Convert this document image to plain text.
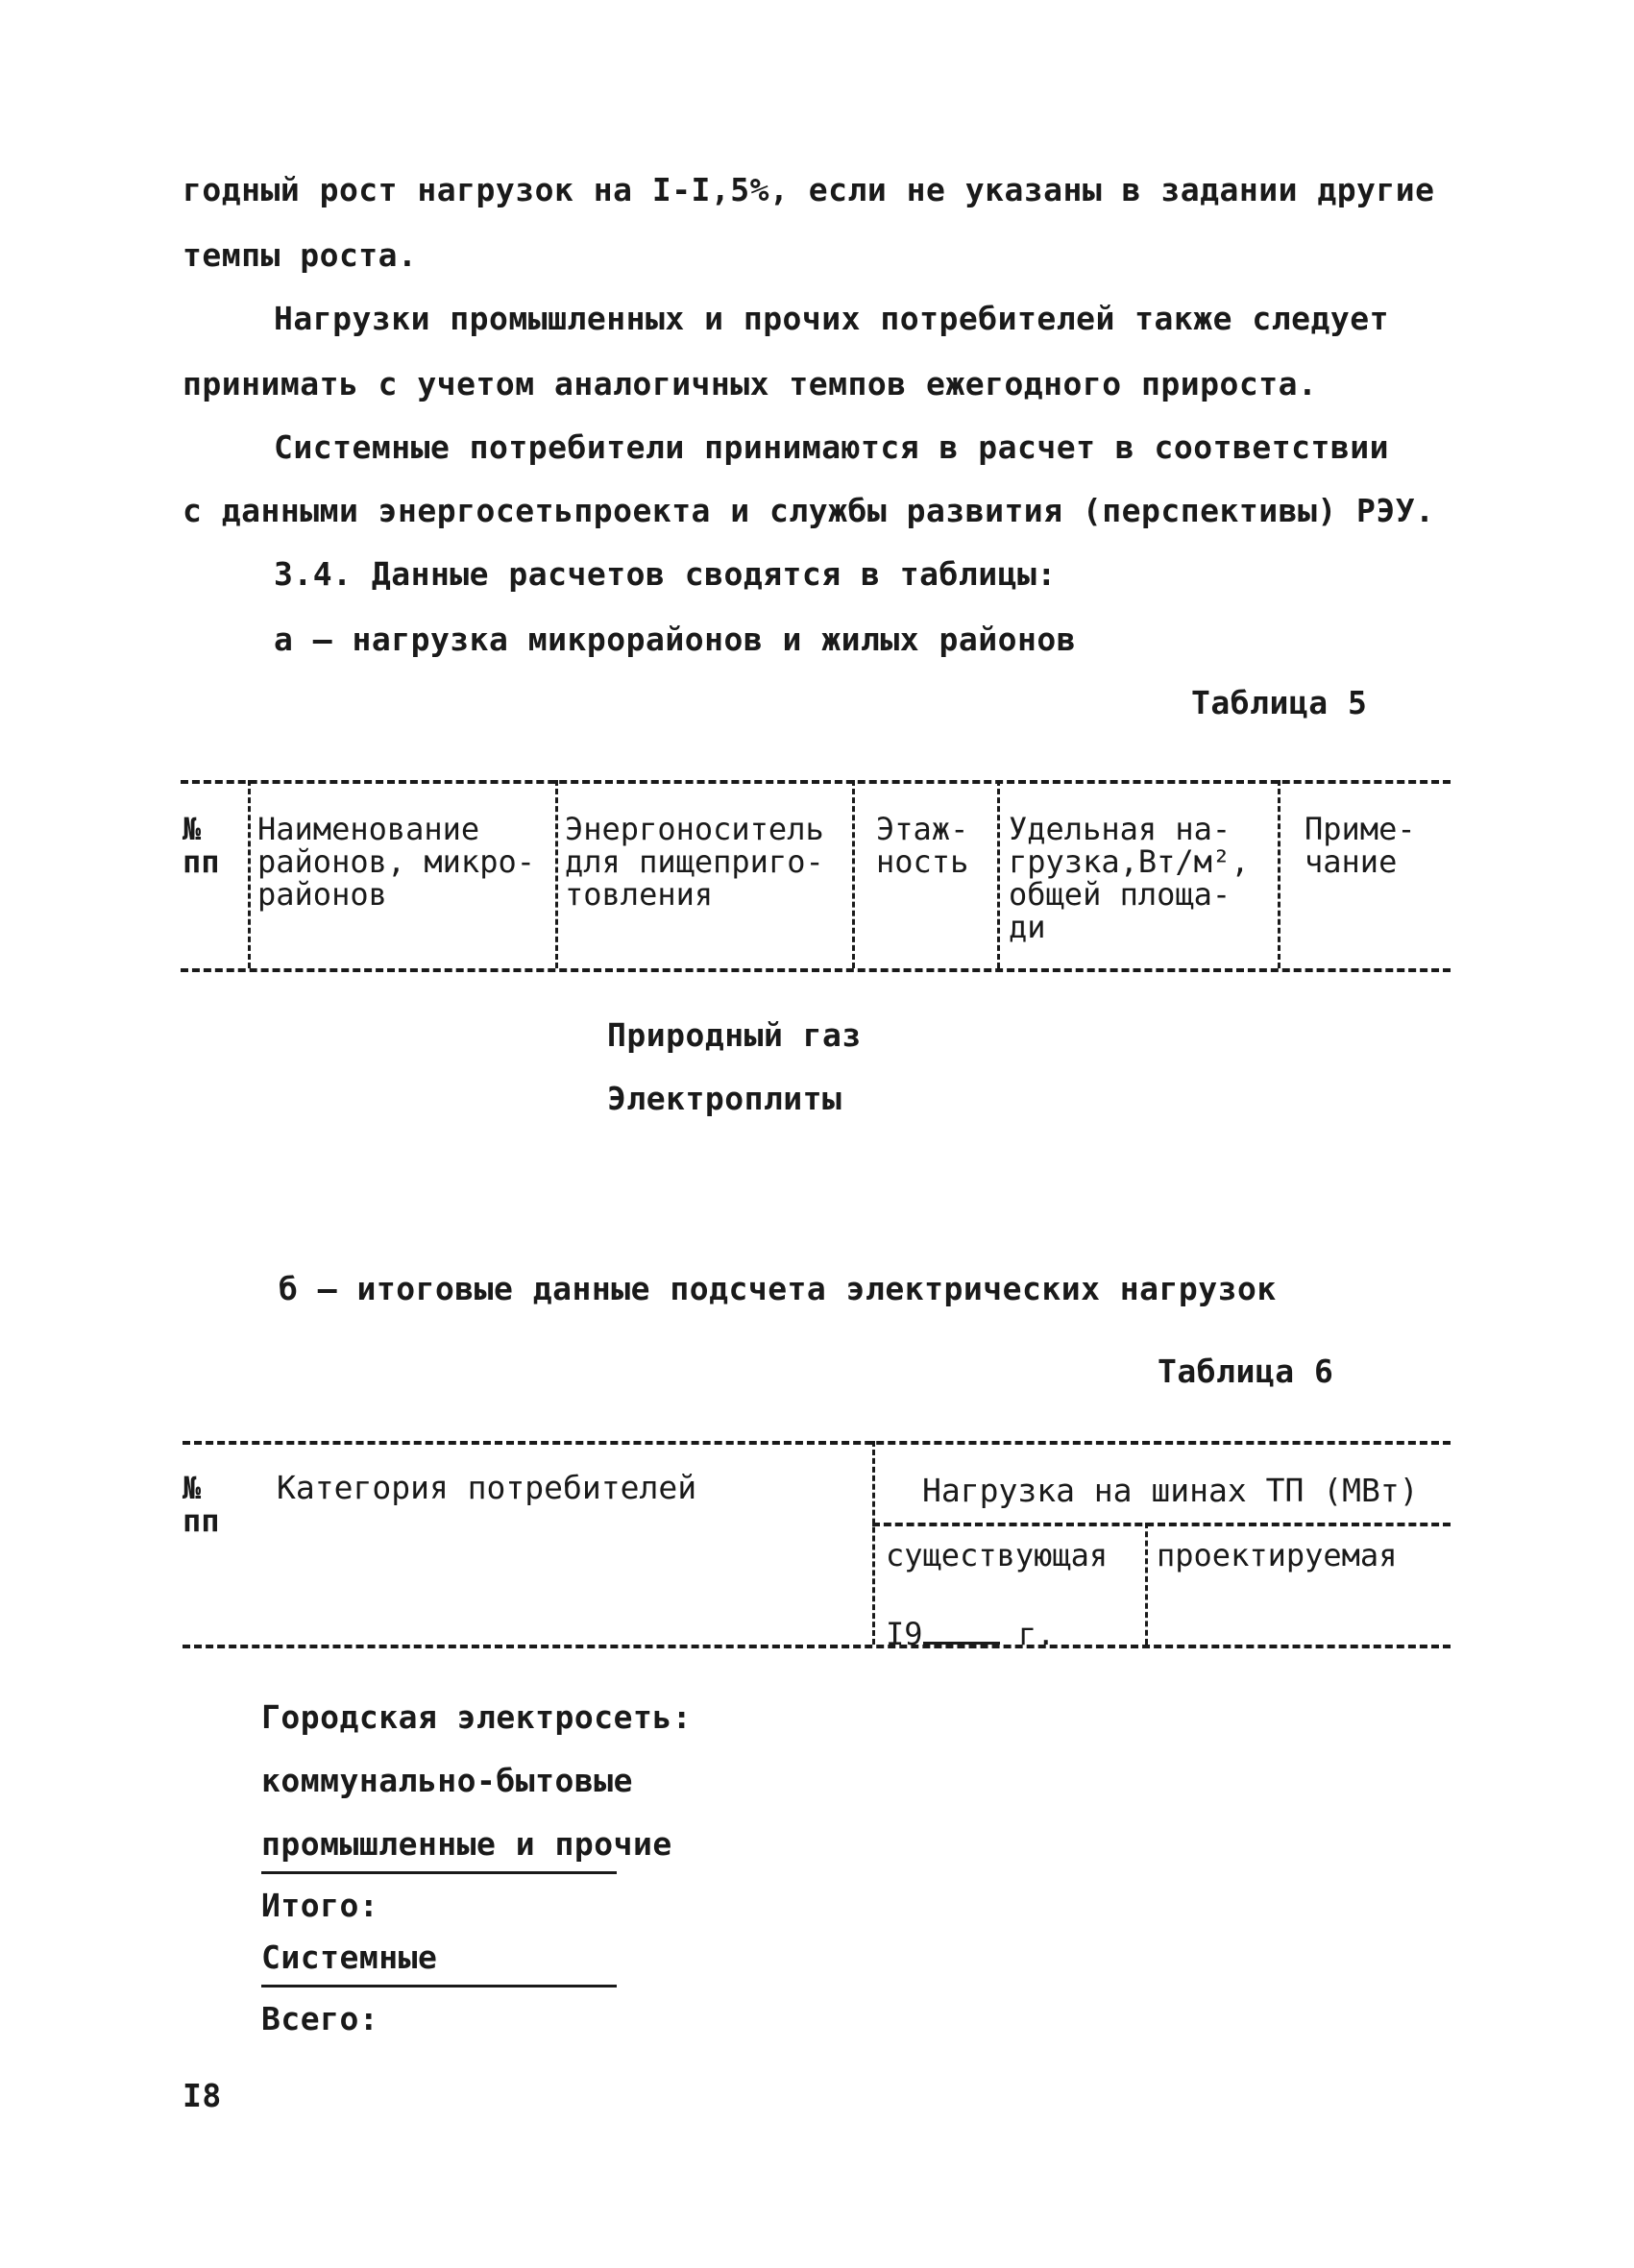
годный рост нагрузок на I-I,5%, если не указаны в задании другие
темпы роста.
Нагрузки промышленных и прочих потребителей также следует
принимать с учетом аналогичных темпов ежегодного прироста.
Системные потребители принимаются в расчет в соответствии
с данными энергосетьпроекта и службы развития (перспективы) РЭУ.
3.4. Данные расчетов сводятся в таблицы:
а – нагрузка микрорайонов и жилых районов
Таблица 5
№
пп
Наименование
районов, микро-
районов
Энергоноситель
для пищеприго-
товления
Этаж-
ность
Удельная на-
грузка,Вт/м²,
общей площа-
ди
Приме-
чание
Природный газ
Электроплиты
б – итоговые данные подсчета электрических нагрузок
Таблица 6
№
пп
Категория потребителей	Нагрузка на шинах ТП (МВт)
существующая

I9	г.

проектируемая
Городская электросеть:
коммунально-бытовые
промышленные и прочие
Итого:
Системные
Всего:
I8
